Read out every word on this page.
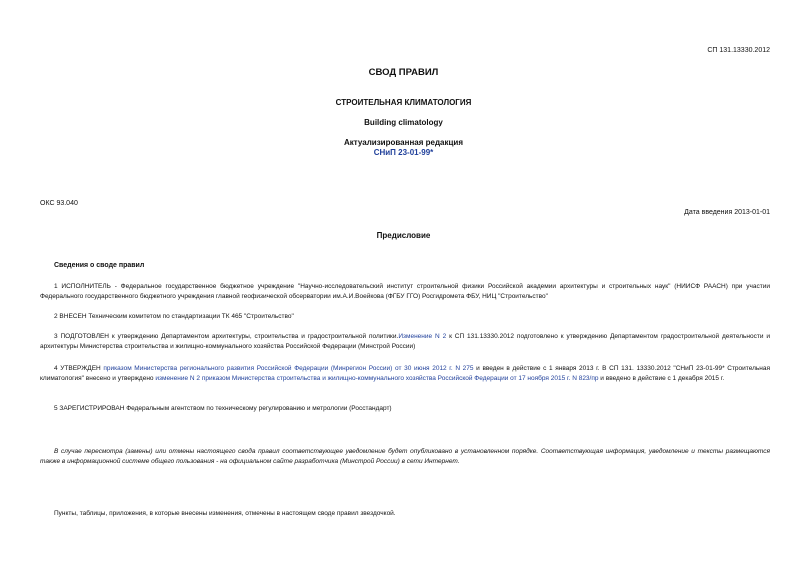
СП 131.13330.2012
СВОД ПРАВИЛ
СТРОИТЕЛЬНАЯ КЛИМАТОЛОГИЯ
Building climatology
Актуализированная редакция
СНиП 23-01-99*
ОКС 93.040
Дата введения 2013-01-01
Предисловие
Сведения о своде правил
1 ИСПОЛНИТЕЛЬ - Федеральное государственное бюджетное учреждение "Научно-исследовательский институт строительной физики Российской академии архитектуры и строительных наук" (НИИСФ РААСН) при участии Федерального государственного бюджетного учреждения главной геофизической обсерватории им.А.И.Воейкова (ФГБУ ГГО) Росгидромета ФБУ, НИЦ "Строительство"
2 ВНЕСЕН Техническим комитетом по стандартизации ТК 465 "Строительство"
3 ПОДГОТОВЛЕН к утверждению Департаментом архитектуры, строительства и градостроительной политики.Изменение N 2 к СП 131.13330.2012 подготовлено к утверждению Департаментом градостроительной деятельности и архитектуры Министерства строительства и жилищно-коммунального хозяйства Российской Федерации (Минстрой России)
4 УТВЕРЖДЕН приказом Министерства регионального развития Российской Федерации (Минрегион России) от 30 июня 2012 г. N 275 и введен в действие с 1 января 2013 г. В СП 131. 13330.2012 "СНиП 23-01-99* Строительная климатология" внесено и утверждено изменение N 2 приказом Министерства строительства и жилищно-коммунального хозяйства Российской Федерации от 17 ноября 2015 г. N 823/пр и введено в действие с 1 декабря 2015 г.
5 ЗАРЕГИСТРИРОВАН Федеральным агентством по техническому регулированию и метрологии (Росстандарт)
В случае пересмотра (замены) или отмены настоящего свода правил соответствующее уведомление будет опубликовано в установленном порядке. Соответствующая информация, уведомление и тексты размещаются также в информационной системе общего пользования - на официальном сайте разработчика (Минстрой России) в сети Интернет.
Пункты, таблицы, приложения, в которые внесены изменения, отмечены в настоящем своде правил звездочкой.
